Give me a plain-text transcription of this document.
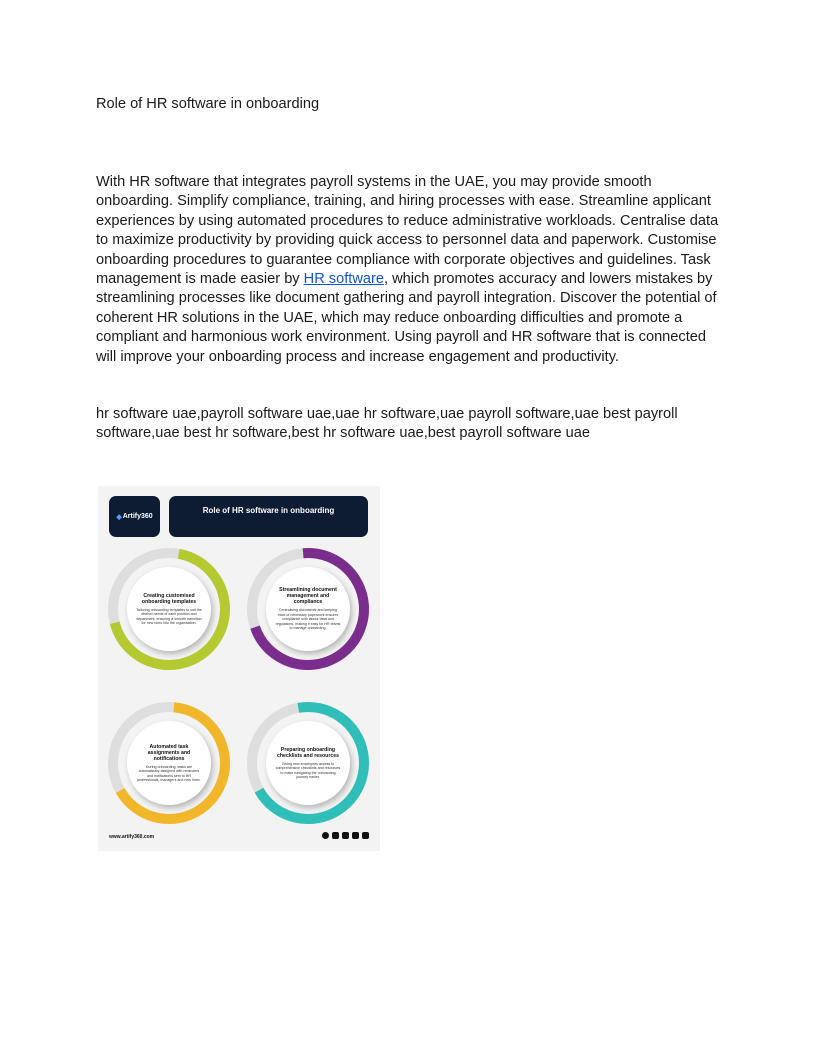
Role of HR software in onboarding
With HR software that integrates payroll systems in the UAE, you may provide smooth onboarding. Simplify compliance, training, and hiring processes with ease. Streamline applicant experiences by using automated procedures to reduce administrative workloads. Centralise data to maximize productivity by providing quick access to personnel data and paperwork. Customise onboarding procedures to guarantee compliance with corporate objectives and guidelines. Task management is made easier by HR software, which promotes accuracy and lowers mistakes by streamlining processes like document gathering and payroll integration. Discover the potential of coherent HR solutions in the UAE, which may reduce onboarding difficulties and promote a compliant and harmonious work environment. Using payroll and HR software that is connected will improve your onboarding process and increase engagement and productivity.
hr software uae,payroll software uae,uae hr software,uae payroll software,uae best payroll software,uae best hr software,best hr software uae,best payroll software uae
◆ Artify360
Role of HR software in onboarding
Creating customised onboarding templates
Tailoring onboarding templates to suit the distinct needs of each position and department, ensuring a smooth transition for new hires into the organisation.
Streamlining document management and compliance
Centralising documents and keeping track of necessary paperwork ensures compliance with labour laws and regulations, making it easy for HR teams to manage onboarding.
Automated task assignments and notifications
During onboarding, tasks are automatically assigned with reminders and notifications sent to HR professionals, managers and new hires.
Preparing onboarding checklists and resources
Giving new employees access to comprehensive checklists and resources to make navigating the onboarding journey easier.
www.artify360.com
